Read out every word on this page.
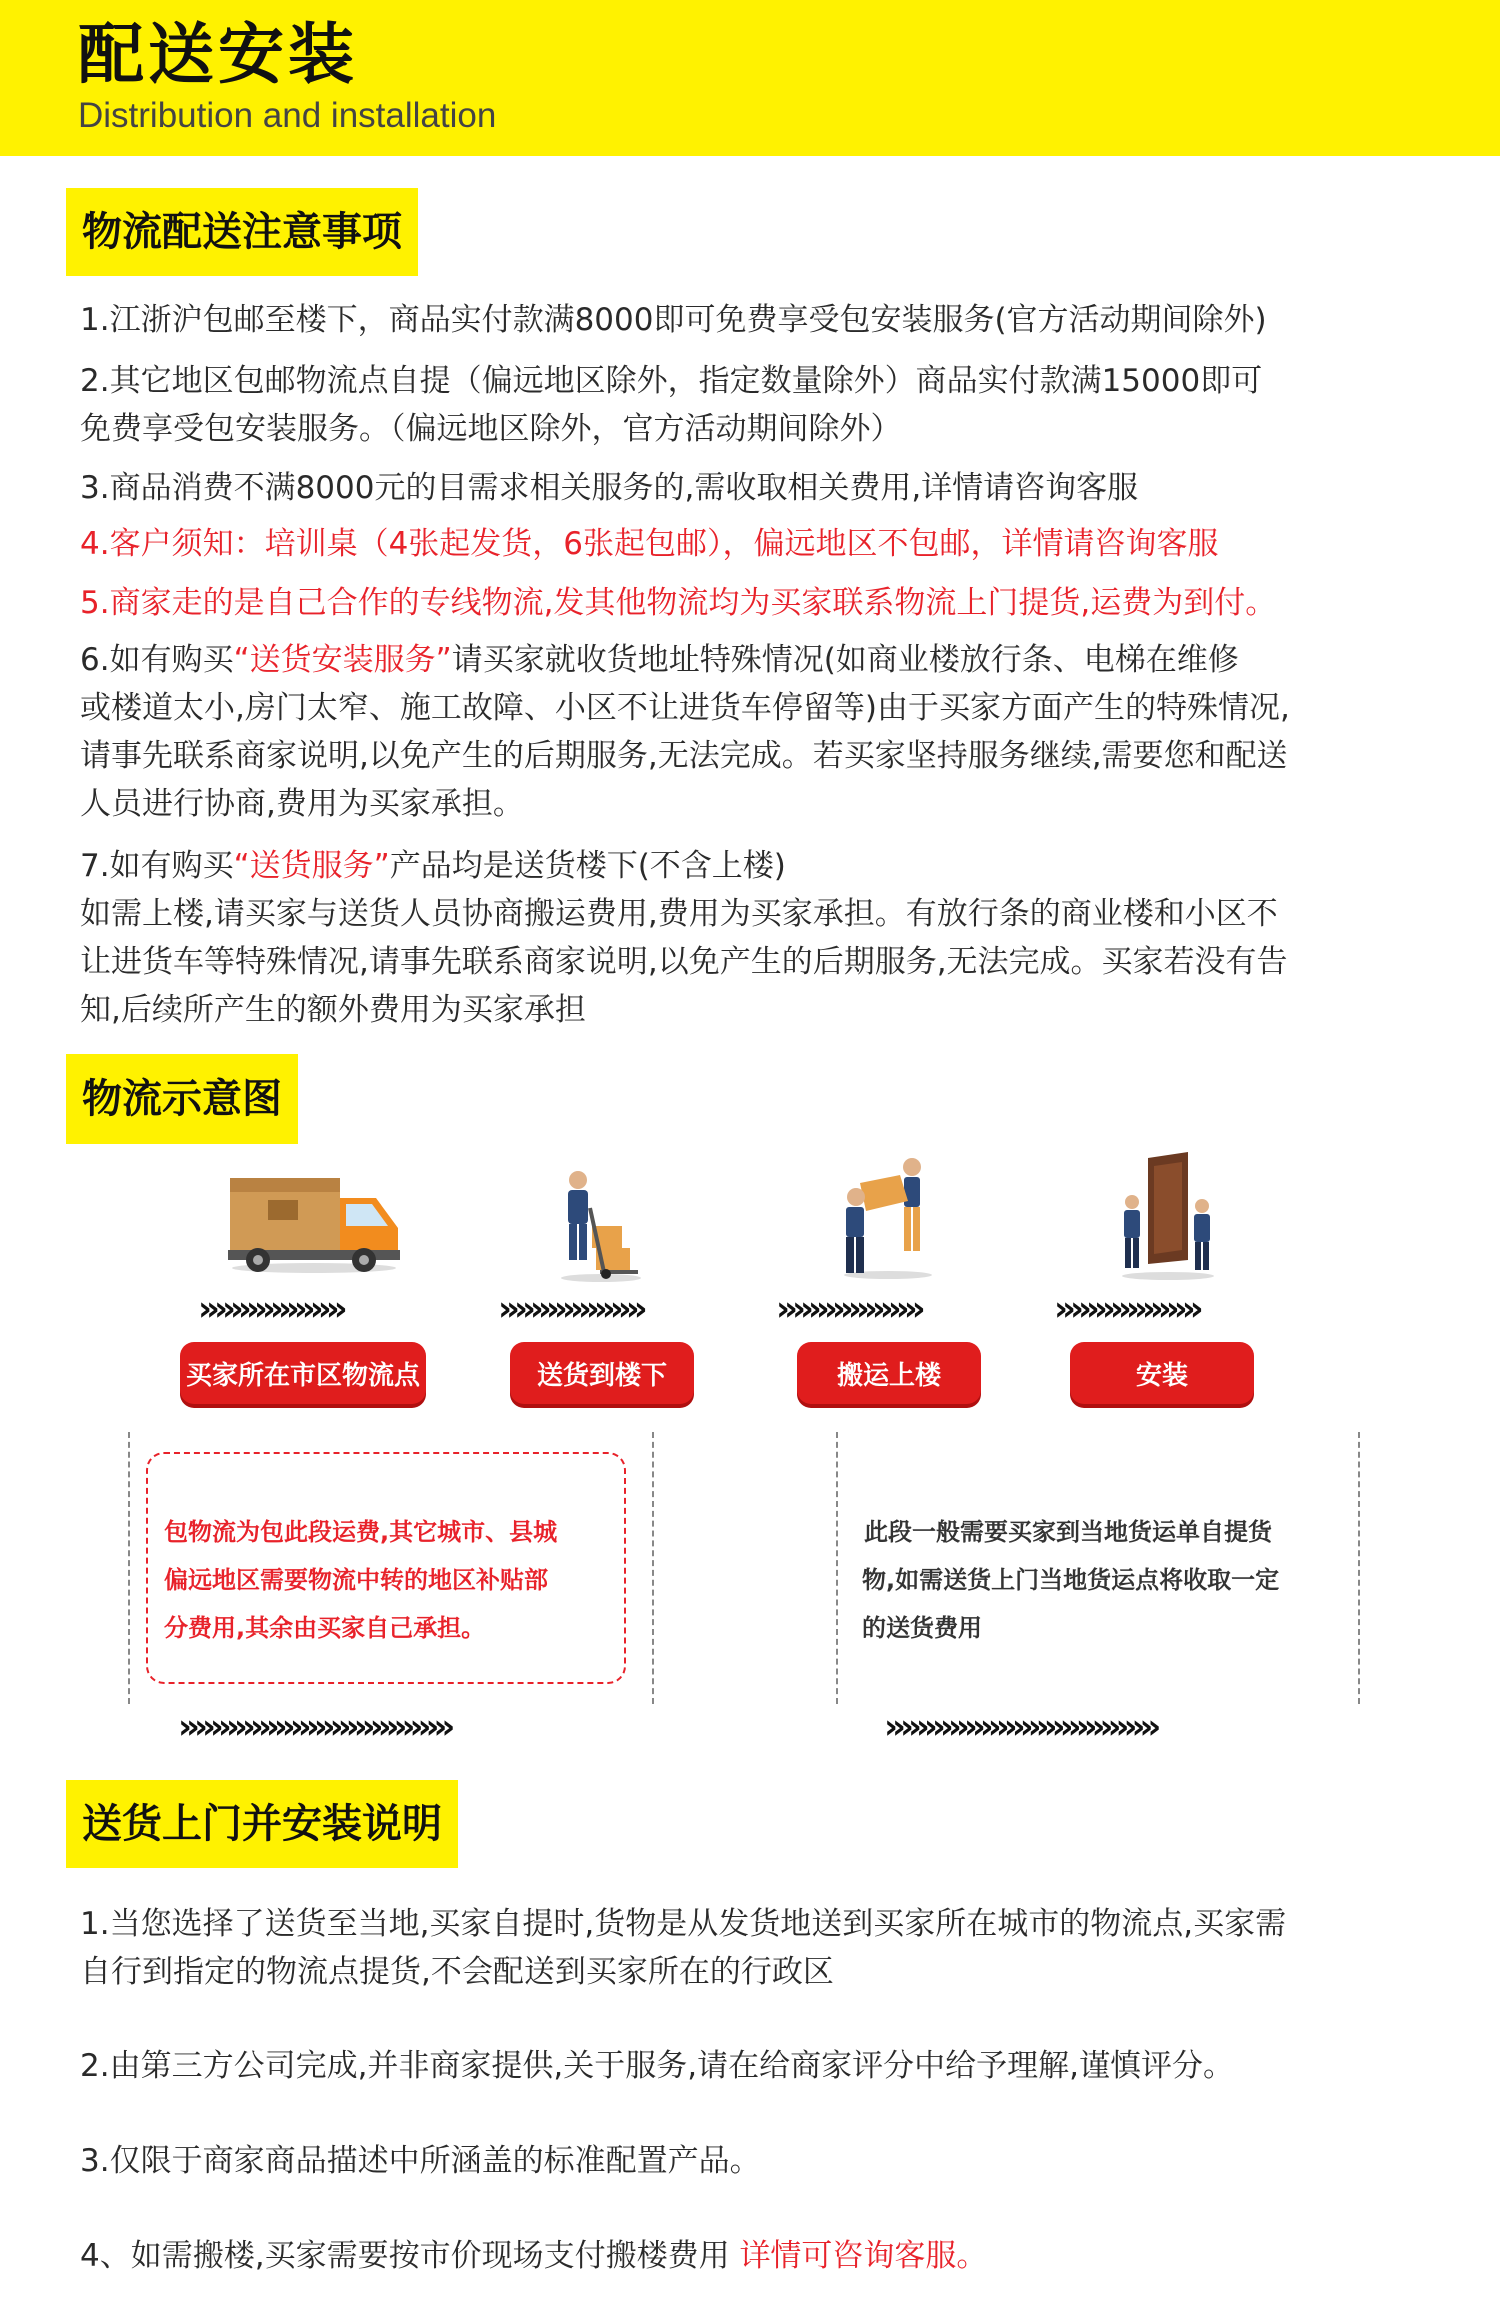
配送安装
Distribution and installation
物流配送注意事项

1.江浙沪包邮至楼下，商品实付款满8000即可免费享受包安装服务(官方活动期间除外)

2.其它地区包邮物流点自提（偏远地区除外，指定数量除外）商品实付款满15000即可

免费享受包安装服务。（偏远地区除外，官方活动期间除外）

3.商品消费不满8000元的目需求相关服务的,需收取相关费用,详情请咨询客服

4.客户须知：培训桌（4张起发货，6张起包邮），偏远地区不包邮，详情请咨询客服

5.商家走的是自己合作的专线物流,发其他物流均为买家联系物流上门提货,运费为到付。

6.如有购买“送货安装服务”请买家就收货地址特殊情况(如商业楼放行条、电梯在维修

或楼道太小,房门太窄、施工故障、小区不让进货车停留等)由于买家方面产生的特殊情况,

请事先联系商家说明,以免产生的后期服务,无法完成。若买家坚持服务继续,需要您和配送

人员进行协商,费用为买家承担。

7.如有购买“送货服务”产品均是送货楼下(不含上楼)

如需上楼,请买家与送货人员协商搬运费用,费用为买家承担。有放行条的商业楼和小区不

让进货车等特殊情况,请事先联系商家说明,以免产生的后期服务,无法完成。买家若没有告

知,后续所产生的额外费用为买家承担

物流示意图
»»»»»»»»»	»»»»»»»»»	»»»»»»»»»	»»»»»»»»»
买家所在市区物流点	送货到楼下	搬运上楼	安装
包物流为包此段运费,其它城市、县城
偏远地区需要物流中转的地区补贴部
分费用,其余由买家自己承担。
此段一般需要买家到当地货运单自提货
物,如需送货上门当地货运点将收取一定
的送货费用
»»»»»»»»»»»»»»»»»	»»»»»»»»»»»»»»»»»
送货上门并安装说明

1.当您选择了送货至当地,买家自提时,货物是从发货地送到买家所在城市的物流点,买家需

自行到指定的物流点提货,不会配送到买家所在的行政区

2.由第三方公司完成,并非商家提供,关于服务,请在给商家评分中给予理解,谨慎评分。

3.仅限于商家商品描述中所涵盖的标准配置产品。

4、如需搬楼,买家需要按市价现场支付搬楼费用 详情可咨询客服。
